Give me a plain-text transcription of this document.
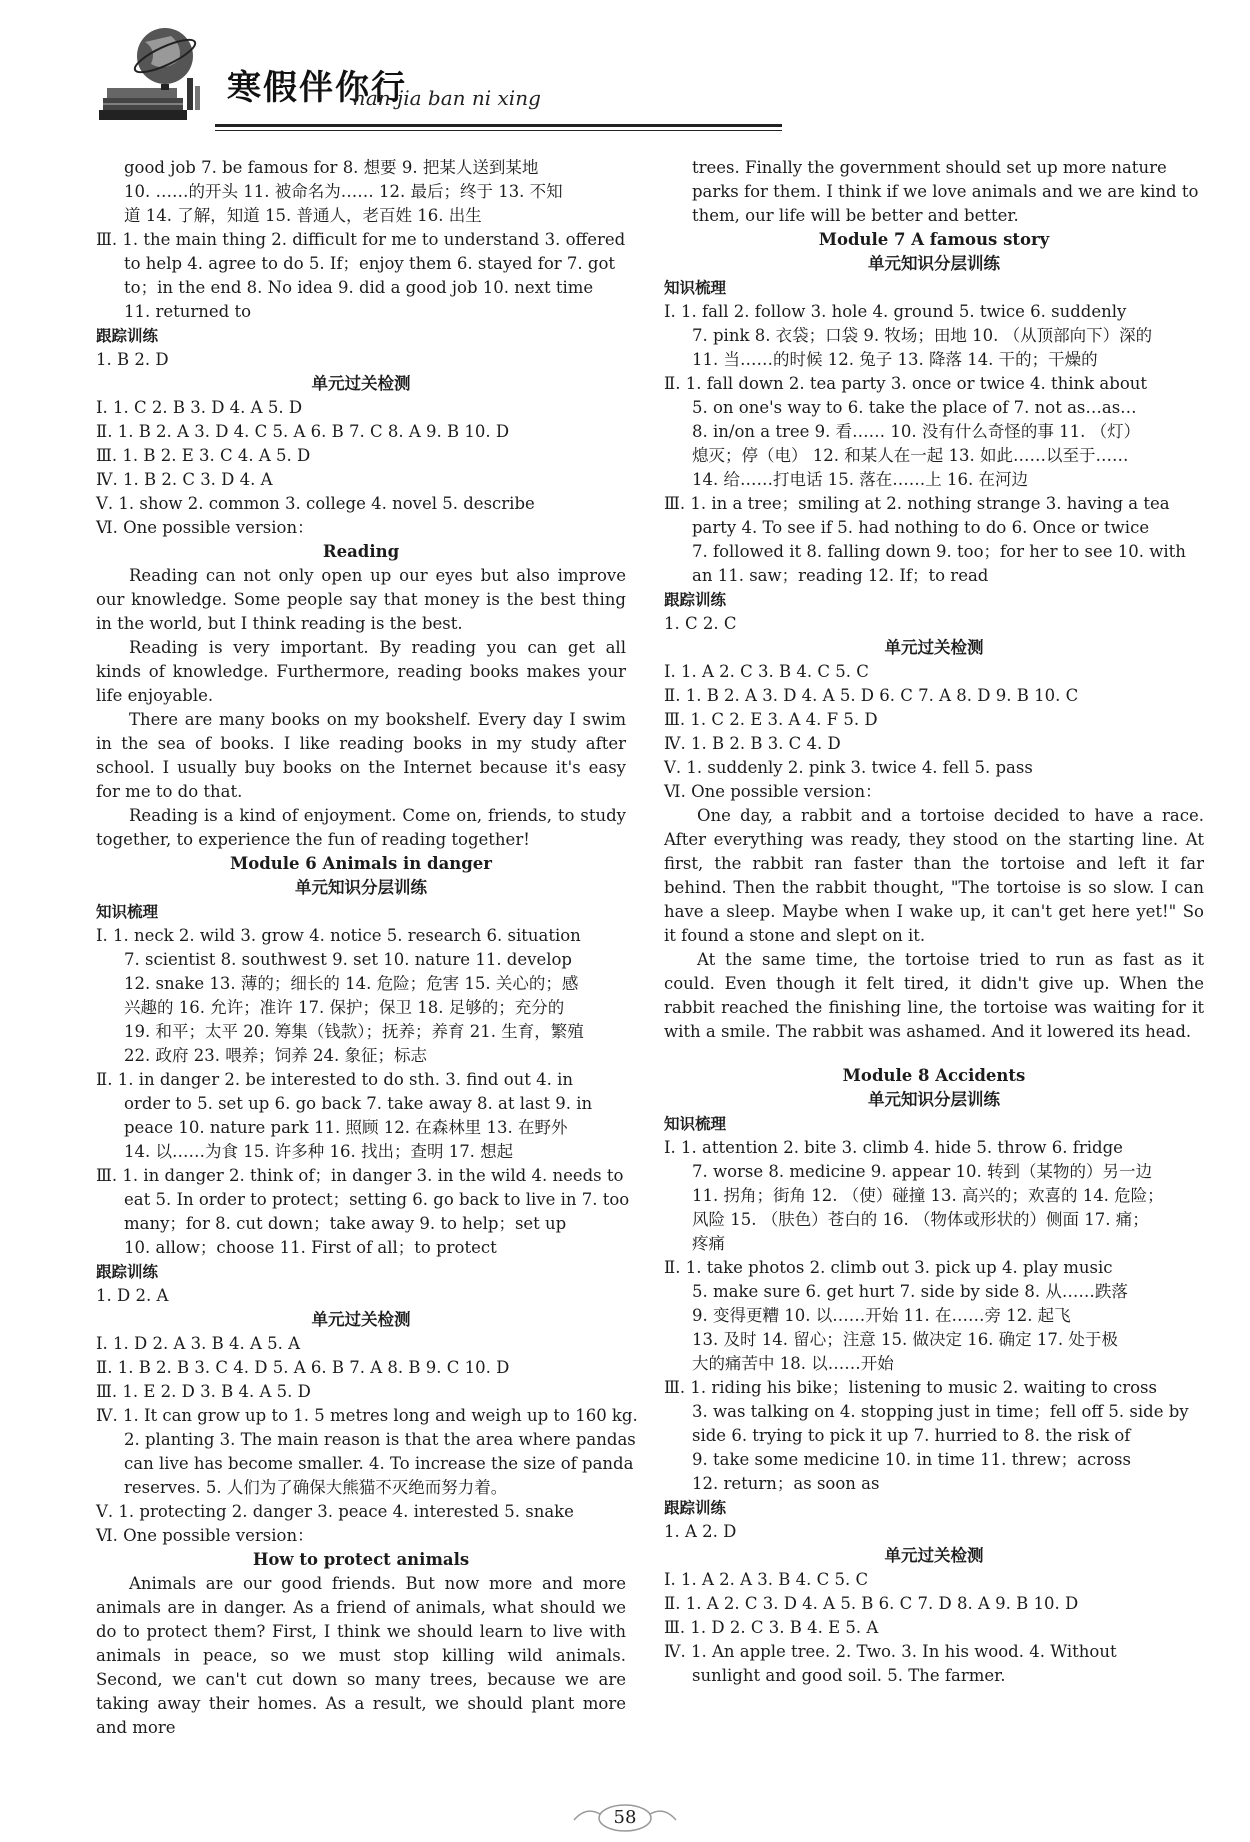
寒假伴你行
han jia ban ni xing
good job 7. be famous for 8. 想要 9. 把某人送到某地
10. ……的开头 11. 被命名为…… 12. 最后；终于 13. 不知
道 14. 了解，知道 15. 普通人，老百姓 16. 出生
Ⅲ. 1. the main thing 2. difficult for me to understand 3. offered
to help 4. agree to do 5. If；enjoy them 6. stayed for 7. got
to；in the end 8. No idea 9. did a good job 10. next time
11. returned to
跟踪训练
1. B 2. D
单元过关检测
Ⅰ. 1. C 2. B 3. D 4. A 5. D
Ⅱ. 1. B 2. A 3. D 4. C 5. A 6. B 7. C 8. A 9. B 10. D
Ⅲ. 1. B 2. E 3. C 4. A 5. D
Ⅳ. 1. B 2. C 3. D 4. A
Ⅴ. 1. show 2. common 3. college 4. novel 5. describe
Ⅵ. One possible version：
Reading
Reading can not only open up our eyes but also improve our knowledge. Some people say that money is the best thing in the world, but I think reading is the best.
Reading is very important. By reading you can get all kinds of knowledge. Furthermore, reading books makes your life enjoyable.
There are many books on my bookshelf. Every day I swim in the sea of books. I like reading books in my study after school. I usually buy books on the Internet because it's easy for me to do that.
Reading is a kind of enjoyment. Come on, friends, to study together, to experience the fun of reading together!
Module 6 Animals in danger
单元知识分层训练
知识梳理
Ⅰ. 1. neck 2. wild 3. grow 4. notice 5. research 6. situation
7. scientist 8. southwest 9. set 10. nature 11. develop
12. snake 13. 薄的；细长的 14. 危险；危害 15. 关心的；感
兴趣的 16. 允许；准许 17. 保护；保卫 18. 足够的；充分的
19. 和平；太平 20. 筹集（钱款）；抚养；养育 21. 生育，繁殖
22. 政府 23. 喂养；饲养 24. 象征；标志
Ⅱ. 1. in danger 2. be interested to do sth. 3. find out 4. in
order to 5. set up 6. go back 7. take away 8. at last 9. in
peace 10. nature park 11. 照顾 12. 在森林里 13. 在野外
14. 以……为食 15. 许多种 16. 找出；查明 17. 想起
Ⅲ. 1. in danger 2. think of；in danger 3. in the wild 4. needs to
eat 5. In order to protect；setting 6. go back to live in 7. too
many；for 8. cut down；take away 9. to help；set up
10. allow；choose 11. First of all；to protect
跟踪训练
1. D 2. A
单元过关检测
Ⅰ. 1. D 2. A 3. B 4. A 5. A
Ⅱ. 1. B 2. B 3. C 4. D 5. A 6. B 7. A 8. B 9. C 10. D
Ⅲ. 1. E 2. D 3. B 4. A 5. D
Ⅳ. 1. It can grow up to 1. 5 metres long and weigh up to 160 kg.
2. planting 3. The main reason is that the area where pandas
can live has become smaller. 4. To increase the size of panda
reserves. 5. 人们为了确保大熊猫不灭绝而努力着。
Ⅴ. 1. protecting 2. danger 3. peace 4. interested 5. snake
Ⅵ. One possible version：
How to protect animals
Animals are our good friends. But now more and more animals are in danger. As a friend of animals, what should we do to protect them? First, I think we should learn to live with animals in peace, so we must stop killing wild animals. Second, we can't cut down so many trees, because we are taking away their homes. As a result, we should plant more and more
trees. Finally the government should set up more nature parks for them. I think if we love animals and we are kind to them, our life will be better and better.
Module 7 A famous story
单元知识分层训练
知识梳理
Ⅰ. 1. fall 2. follow 3. hole 4. ground 5. twice 6. suddenly
7. pink 8. 衣袋；口袋 9. 牧场；田地 10. （从顶部向下）深的
11. 当……的时候 12. 兔子 13. 降落 14. 干的；干燥的
Ⅱ. 1. fall down 2. tea party 3. once or twice 4. think about
5. on one's way to 6. take the place of 7. not as…as…
8. in/on a tree 9. 看…… 10. 没有什么奇怪的事 11. （灯）
熄灭；停（电） 12. 和某人在一起 13. 如此……以至于……
14. 给……打电话 15. 落在……上 16. 在河边
Ⅲ. 1. in a tree；smiling at 2. nothing strange 3. having a tea
party 4. To see if 5. had nothing to do 6. Once or twice
7. followed it 8. falling down 9. too；for her to see 10. with
an 11. saw；reading 12. If；to read
跟踪训练
1. C 2. C
单元过关检测
Ⅰ. 1. A 2. C 3. B 4. C 5. C
Ⅱ. 1. B 2. A 3. D 4. A 5. D 6. C 7. A 8. D 9. B 10. C
Ⅲ. 1. C 2. E 3. A 4. F 5. D
Ⅳ. 1. B 2. B 3. C 4. D
Ⅴ. 1. suddenly 2. pink 3. twice 4. fell 5. pass
Ⅵ. One possible version：
One day, a rabbit and a tortoise decided to have a race. After everything was ready, they stood on the starting line. At first, the rabbit ran faster than the tortoise and left it far behind. Then the rabbit thought, "The tortoise is so slow. I can have a sleep. Maybe when I wake up, it can't get here yet!" So it found a stone and slept on it.
At the same time, the tortoise tried to run as fast as it could. Even though it felt tired, it didn't give up. When the rabbit reached the finishing line, the tortoise was waiting for it with a smile. The rabbit was ashamed. And it lowered its head.
Module 8 Accidents
单元知识分层训练
知识梳理
Ⅰ. 1. attention 2. bite 3. climb 4. hide 5. throw 6. fridge
7. worse 8. medicine 9. appear 10. 转到（某物的）另一边
11. 拐角；街角 12. （使）碰撞 13. 高兴的；欢喜的 14. 危险；
风险 15. （肤色）苍白的 16. （物体或形状的）侧面 17. 痛；
疼痛
Ⅱ. 1. take photos 2. climb out 3. pick up 4. play music
5. make sure 6. get hurt 7. side by side 8. 从……跌落
9. 变得更糟 10. 以……开始 11. 在……旁 12. 起飞
13. 及时 14. 留心；注意 15. 做决定 16. 确定 17. 处于极
大的痛苦中 18. 以……开始
Ⅲ. 1. riding his bike；listening to music 2. waiting to cross
3. was talking on 4. stopping just in time；fell off 5. side by
side 6. trying to pick it up 7. hurried to 8. the risk of
9. take some medicine 10. in time 11. threw；across
12. return；as soon as
跟踪训练
1. A 2. D
单元过关检测
Ⅰ. 1. A 2. A 3. B 4. C 5. C
Ⅱ. 1. A 2. C 3. D 4. A 5. B 6. C 7. D 8. A 9. B 10. D
Ⅲ. 1. D 2. C 3. B 4. E 5. A
Ⅳ. 1. An apple tree. 2. Two. 3. In his wood. 4. Without
sunlight and good soil. 5. The farmer.
58
